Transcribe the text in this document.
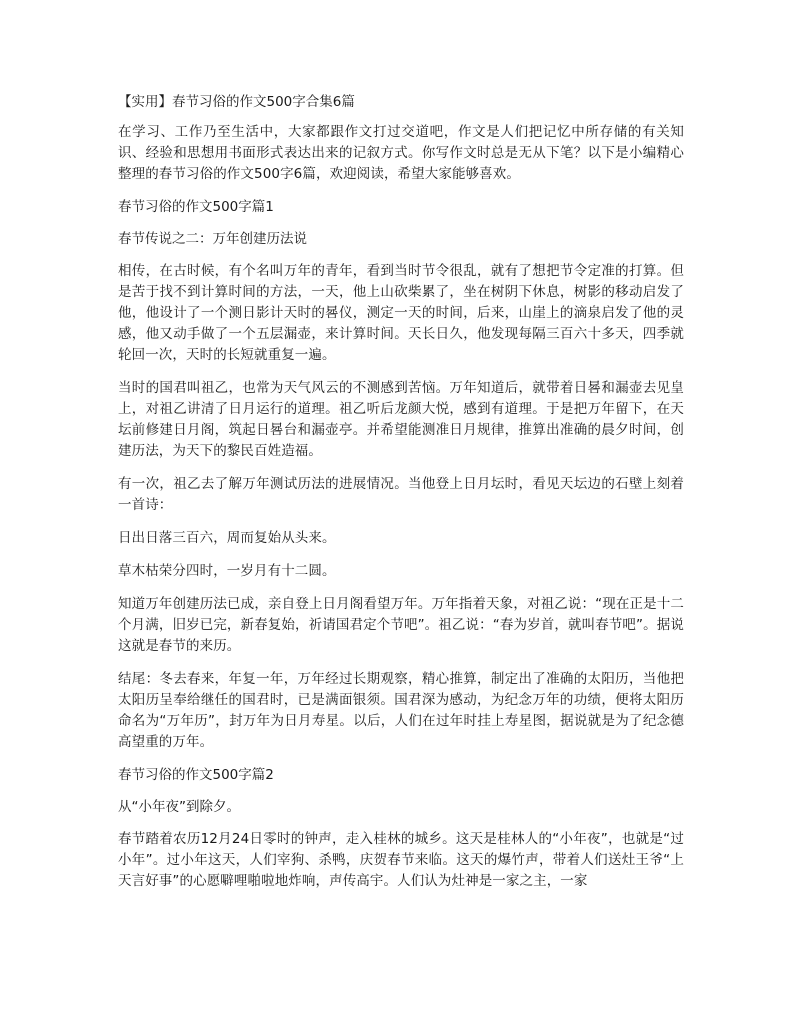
【实用】春节习俗的作文500字合集6篇
在学习、工作乃至生活中，大家都跟作文打过交道吧，作文是人们把记忆中所存储的有关知识、经验和思想用书面形式表达出来的记叙方式。你写作文时总是无从下笔？以下是小编精心整理的春节习俗的作文500字6篇，欢迎阅读，希望大家能够喜欢。
春节习俗的作文500字篇1
春节传说之二：万年创建历法说
相传，在古时候，有个名叫万年的青年，看到当时节令很乱，就有了想把节令定准的打算。但是苦于找不到计算时间的方法，一天，他上山砍柴累了，坐在树阴下休息，树影的移动启发了他，他设计了一个测日影计天时的晷仪，测定一天的时间，后来，山崖上的滴泉启发了他的灵感，他又动手做了一个五层漏壶，来计算时间。天长日久，他发现每隔三百六十多天，四季就轮回一次，天时的长短就重复一遍。
当时的国君叫祖乙，也常为天气风云的不测感到苦恼。万年知道后，就带着日晷和漏壶去见皇上，对祖乙讲清了日月运行的道理。祖乙听后龙颜大悦，感到有道理。于是把万年留下，在天坛前修建日月阁，筑起日晷台和漏壶亭。并希望能测准日月规律，推算出准确的晨夕时间，创建历法，为天下的黎民百姓造福。
有一次，祖乙去了解万年测试历法的进展情况。当他登上日月坛时，看见天坛边的石壁上刻着一首诗：
日出日落三百六，周而复始从头来。
草木枯荣分四时，一岁月有十二圆。
知道万年创建历法已成，亲自登上日月阁看望万年。万年指着天象，对祖乙说：“现在正是十二个月满，旧岁已完，新春复始，祈请国君定个节吧”。祖乙说：“春为岁首，就叫春节吧”。据说这就是春节的来历。
结尾：冬去春来，年复一年，万年经过长期观察，精心推算，制定出了准确的太阳历，当他把太阳历呈奉给继任的国君时，已是满面银须。国君深为感动，为纪念万年的功绩，便将太阳历命名为“万年历”，封万年为日月寿星。以后，人们在过年时挂上寿星图，据说就是为了纪念德高望重的万年。
春节习俗的作文500字篇2
从“小年夜”到除夕。
春节踏着农历12月24日零时的钟声，走入桂林的城乡。这天是桂林人的“小年夜”，也就是“过小年”。过小年这天，人们宰狗、杀鸭，庆贺春节来临。这天的爆竹声，带着人们送灶王爷“上天言好事”的心愿噼哩啪啦地炸响，声传高宇。人们认为灶神是一家之主，一家
